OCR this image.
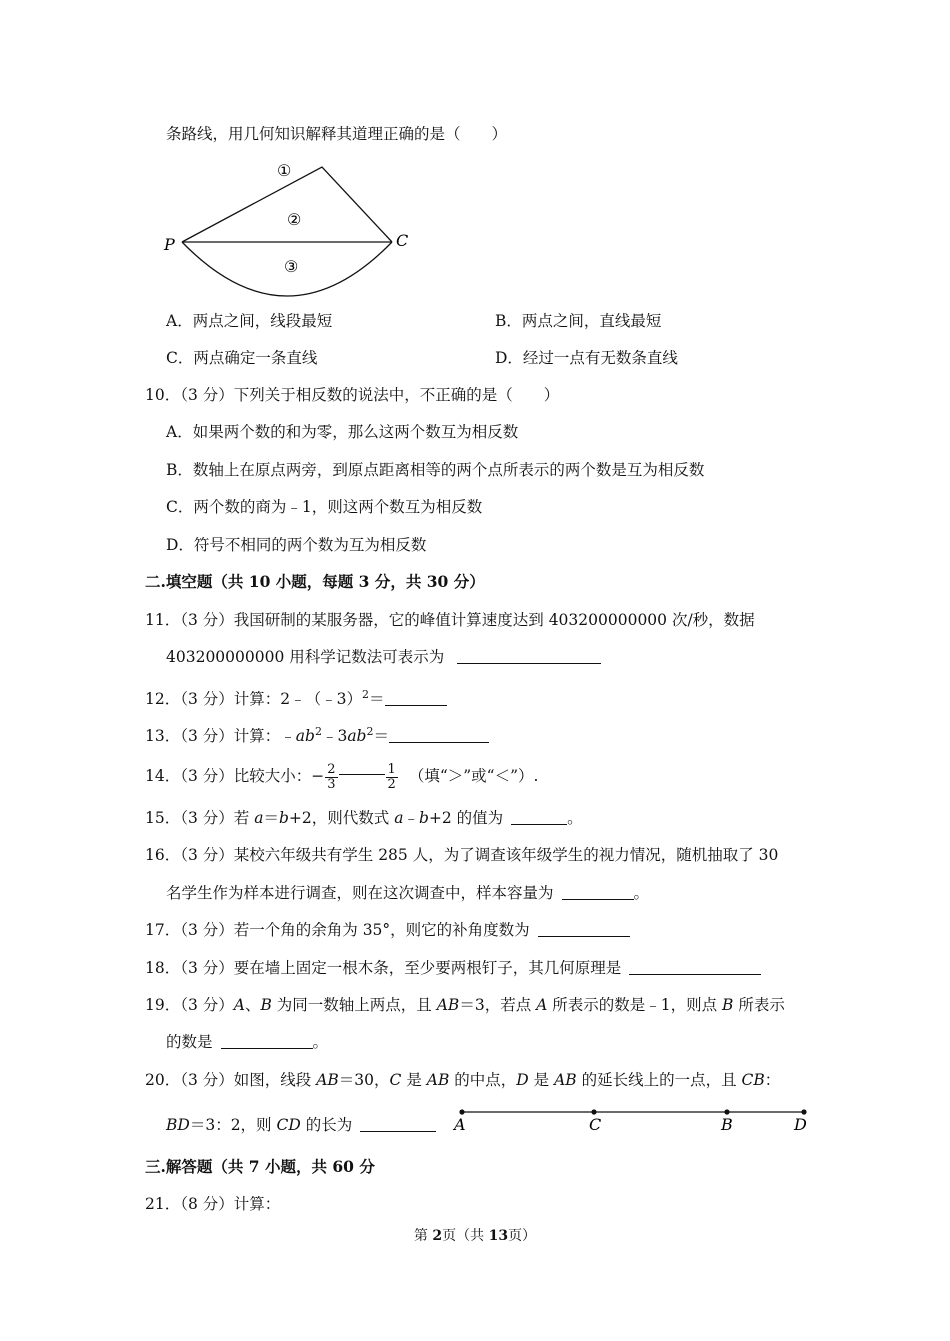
条路线，用几何知识解释其道理正确的是（　　）
P	C
①
②
③
A．两点之间，线段最短	B．两点之间，直线最短
C．两点确定一条直线	D．经过一点有无数条直线
10．（3 分）下列关于相反数的说法中，不正确的是（　　）
A．如果两个数的和为零，那么这两个数互为相反数
B．数轴上在原点两旁，到原点距离相等的两个点所表示的两个数是互为相反数
C．两个数的商为﹣1，则这两个数互为相反数
D．符号不相同的两个数为互为相反数
二.填空题（共 10 小题，每题 3 分，共 30 分）
11．（3 分）我国研制的某服务器，它的峰值计算速度达到 403200000000 次/秒，数据
403200000000 用科学记数法可表示为
12．（3 分）计算：2﹣（﹣3）$^2$＝
13．（3 分）计算：$﹣ab^2﹣3ab^2=$
14．（3 分）比较大小：− $\frac{2}{3}$	$\frac{1}{2}$ （填“＞”或“＜”）.
15．（3 分）若 a＝b+2，则代数式 a﹣b+2 的值为	。
16．（3 分）某校六年级共有学生 285 人，为了调查该年级学生的视力情况，随机抽取了 30
名学生作为样本进行调查，则在这次调查中，样本容量为	。
17．（3 分）若一个角的余角为 35°，则它的补角度数为
18．（3 分）要在墙上固定一根木条，至少要两根钉子，其几何原理是
19．（3 分）A、B 为同一数轴上两点，且 AB＝3，若点 A 所表示的数是﹣1，则点 B 所表示
的数是	。
20．（3 分）如图，线段 AB＝30，C 是 AB 的中点，D 是 AB 的延长线上的一点，且 CB：
BD＝3：2，则 CD 的长为	A	C	B	D
三.解答题（共 7 小题，共 60 分
21．（8 分）计算：
第 2页（共 13页）
